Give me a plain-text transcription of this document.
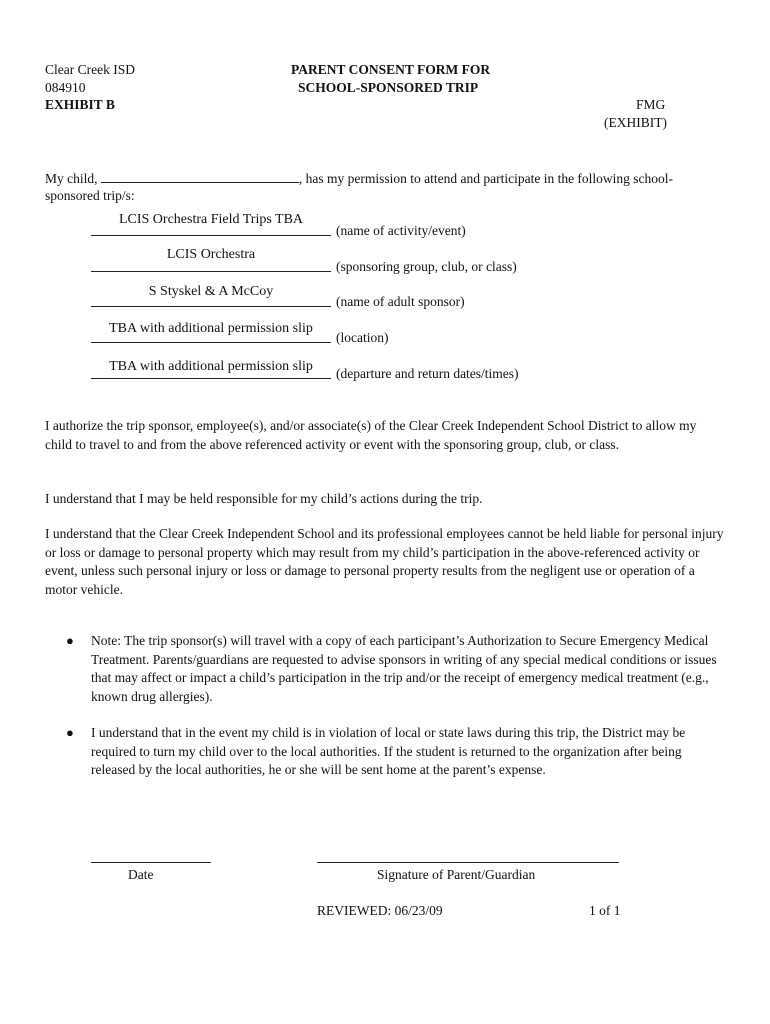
Clear Creek ISD
084910
EXHIBIT B
PARENT CONSENT FORM FOR
SCHOOL-SPONSORED TRIP
FMG
(EXHIBIT)
My child,	, has my permission to attend and participate in the following school-
sponsored trip/s:
LCIS Orchestra Field Trips TBA
(name of activity/event)
LCIS Orchestra
(sponsoring group, club, or class)
S Styskel & A McCoy
(name of adult sponsor)
TBA with additional permission slip
(location)
TBA with additional permission slip	(departure and return dates/times)
I authorize the trip sponsor, employee(s), and/or associate(s) of the Clear Creek Independent School District to allow my child to travel to and from the above referenced activity or event with the sponsoring group, club, or class.
I understand that I may be held responsible for my child’s actions during the trip.
I understand that the Clear Creek Independent School and its professional employees cannot be held liable for personal injury or loss or damage to personal property which may result from my child’s participation in the above-referenced activity or event, unless such personal injury or loss or damage to personal property results from the negligent use or operation of a motor vehicle.
● Note: The trip sponsor(s) will travel with a copy of each participant’s Authorization to Secure Emergency Medical Treatment. Parents/guardians are requested to advise sponsors in writing of any special medical conditions or issues that may affect or impact a child’s participation in the trip and/or the receipt of emergency medical treatment (e.g., known drug allergies).
● I understand that in the event my child is in violation of local or state laws during this trip, the District may be required to turn my child over to the local authorities. If the student is returned to the organization after being released by the local authorities, he or she will be sent home at the parent’s expense.
Date	Signature of Parent/Guardian
REVIEWED: 06/23/09	1 of 1
